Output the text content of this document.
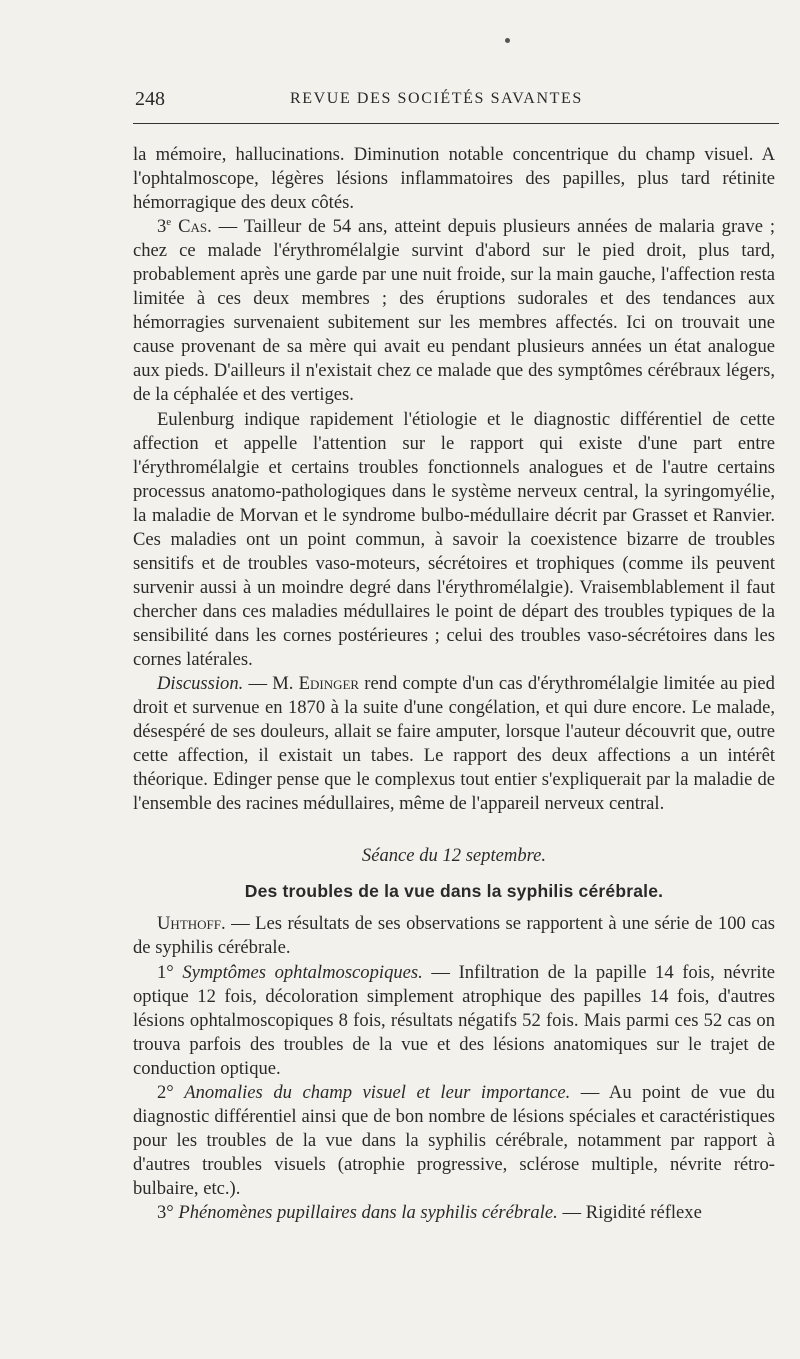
248	REVUE DES SOCIÉTÉS SAVANTES

la mémoire, hallucinations. Diminution notable concentrique du champ visuel. A l'ophtalmoscope, légères lésions inflammatoires des papilles, plus tard rétinite hémorragique des deux côtés.

3e Cas. — Tailleur de 54 ans, atteint depuis plusieurs années de malaria grave ; chez ce malade l'érythromélalgie survint d'abord sur le pied droit, plus tard, probablement après une garde par une nuit froide, sur la main gauche, l'affection resta limitée à ces deux membres ; des éruptions sudorales et des tendances aux hémorragies survenaient subitement sur les membres affectés. Ici on trouvait une cause provenant de sa mère qui avait eu pendant plusieurs années un état analogue aux pieds. D'ailleurs il n'existait chez ce malade que des symptômes cérébraux légers, de la céphalée et des vertiges.

Eulenburg indique rapidement l'étiologie et le diagnostic différentiel de cette affection et appelle l'attention sur le rapport qui existe d'une part entre l'érythromélalgie et certains troubles fonctionnels analogues et de l'autre certains processus anatomo-pathologiques dans le système nerveux central, la syringomyélie, la maladie de Morvan et le syndrome bulbo-médullaire décrit par Grasset et Ranvier. Ces maladies ont un point commun, à savoir la coexistence bizarre de troubles sensitifs et de troubles vaso-moteurs, sécrétoires et trophiques (comme ils peuvent survenir aussi à un moindre degré dans l'érythromélalgie). Vraisemblablement il faut chercher dans ces maladies médullaires le point de départ des troubles typiques de la sensibilité dans les cornes postérieures ; celui des troubles vaso-sécrétoires dans les cornes latérales.

Discussion. — M. Edinger rend compte d'un cas d'érythromélalgie limitée au pied droit et survenue en 1870 à la suite d'une congélation, et qui dure encore. Le malade, désespéré de ses douleurs, allait se faire amputer, lorsque l'auteur découvrit que, outre cette affection, il existait un tabes. Le rapport des deux affections a un intérêt théorique. Edinger pense que le complexus tout entier s'expliquerait par la maladie de l'ensemble des racines médullaires, même de l'appareil nerveux central.

Séance du 12 septembre.

Des troubles de la vue dans la syphilis cérébrale.

Uhthoff. — Les résultats de ses observations se rapportent à une série de 100 cas de syphilis cérébrale.

1° Symptômes ophtalmoscopiques. — Infiltration de la papille 14 fois, névrite optique 12 fois, décoloration simplement atrophique des papilles 14 fois, d'autres lésions ophtalmoscopiques 8 fois, résultats négatifs 52 fois. Mais parmi ces 52 cas on trouva parfois des troubles de la vue et des lésions anatomiques sur le trajet de conduction optique.

2° Anomalies du champ visuel et leur importance. — Au point de vue du diagnostic différentiel ainsi que de bon nombre de lésions spéciales et caractéristiques pour les troubles de la vue dans la syphilis cérébrale, notamment par rapport à d'autres troubles visuels (atrophie progressive, sclérose multiple, névrite rétro-bulbaire, etc.).

3° Phénomènes pupillaires dans la syphilis cérébrale. — Rigidité réflexe
